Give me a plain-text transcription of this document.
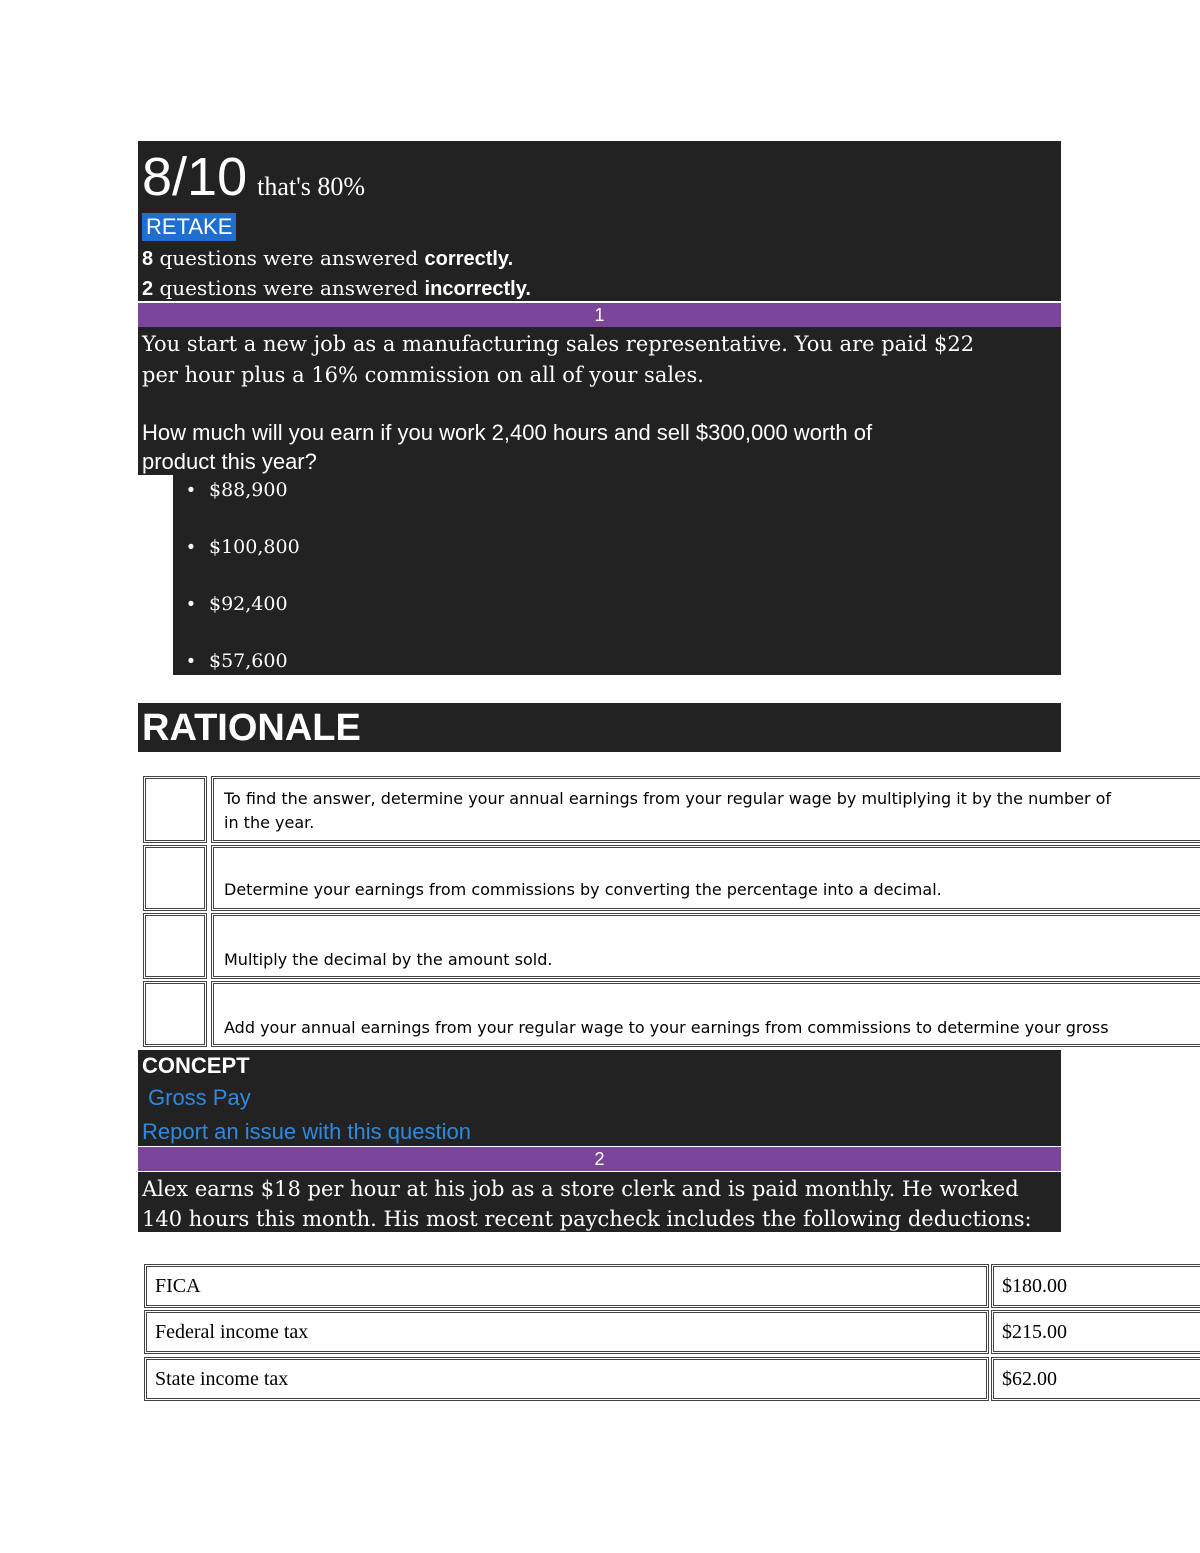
8/10 that's 80%
RETAKE
8 questions were answered correctly.
2 questions were answered incorrectly.
1
You start a new job as a manufacturing sales representative. You are paid $22
per hour plus a 16% commission on all of your sales.
How much will you earn if you work 2,400 hours and sell $300,000 worth of
product this year?
• $88,900
• $100,800
• $92,400
• $57,600
RATIONALE
To find the answer, determine your annual earnings from your regular wage by multiplying it by the number of
in the year.
Determine your earnings from commissions by converting the percentage into a decimal.
Multiply the decimal by the amount sold.
Add your annual earnings from your regular wage to your earnings from commissions to determine your gross
CONCEPT
Gross Pay
Report an issue with this question
2
Alex earns $18 per hour at his job as a store clerk and is paid monthly. He worked
140 hours this month. His most recent paycheck includes the following deductions:
FICA	$180.00
Federal income tax	$215.00
State income tax	$62.00
